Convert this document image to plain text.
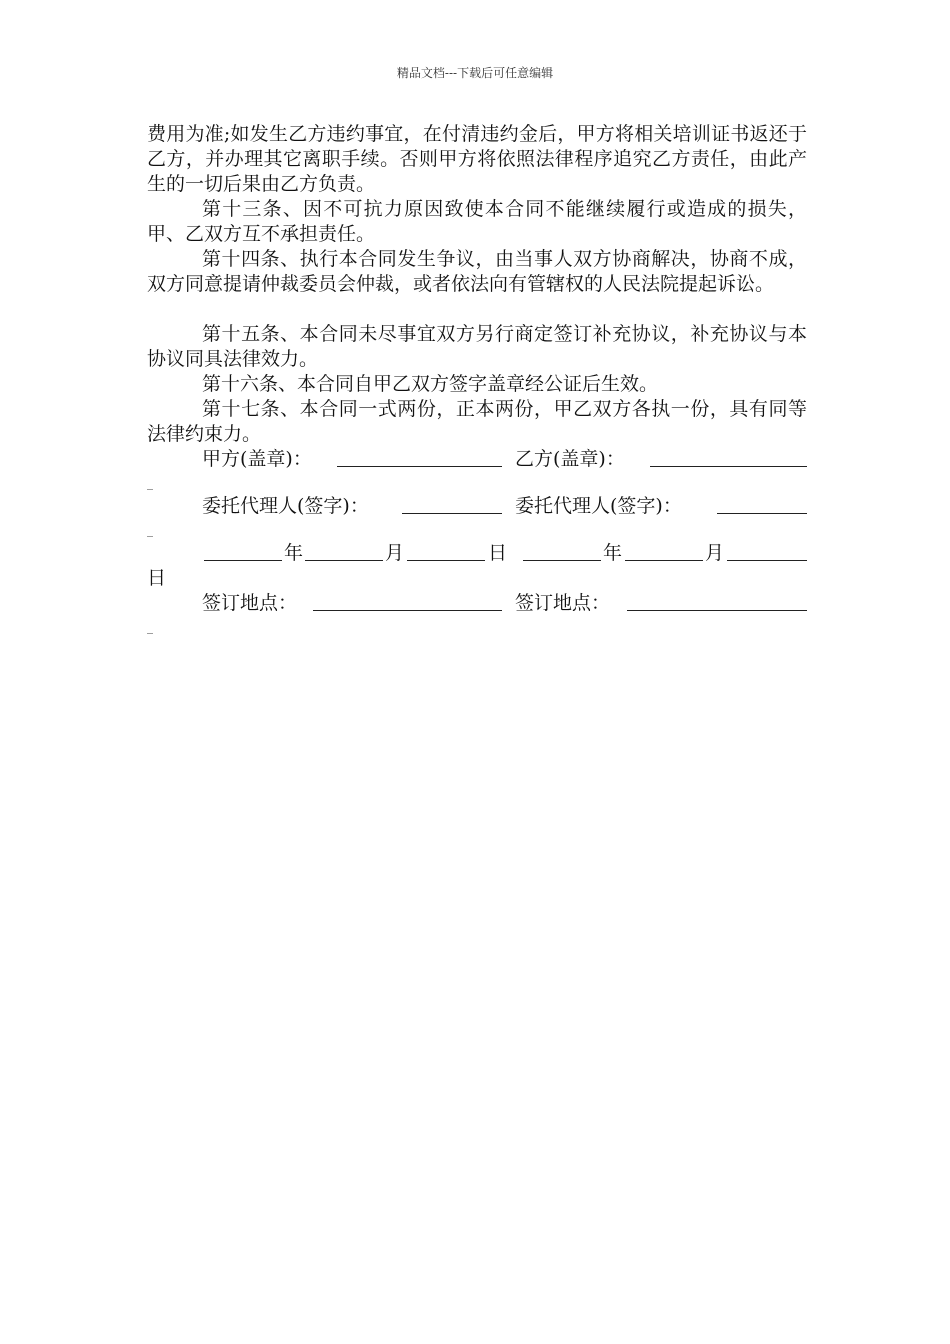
精品文档---下载后可任意编辑

费用为准;如发生乙方违约事宜，在付清违约金后，甲方将相关培训证书返还于乙方，并办理其它离职手续。否则甲方将依照法律程序追究乙方责任，由此产生的一切后果由乙方负责。

第十三条、因不可抗力原因致使本合同不能继续履行或造成的损失，甲、乙双方互不承担责任。

第十四条、执行本合同发生争议，由当事人双方协商解决，协商不成，双方同意提请仲裁委员会仲裁，或者依法向有管辖权的人民法院提起诉讼。

第十五条、本合同未尽事宜双方另行商定签订补充协议，补充协议与本协议同具法律效力。

第十六条、本合同自甲乙双方签字盖章经公证后生效。

第十七条、本合同一式两份，正本两份，甲乙双方各执一份，具有同等法律约束力。

甲方(盖章)：	乙方(盖章)：
_
委托代理人(签字)：	委托代理人(签字)：
_
年	月	日	年	月
日
签订地点：	签订地点：
_
